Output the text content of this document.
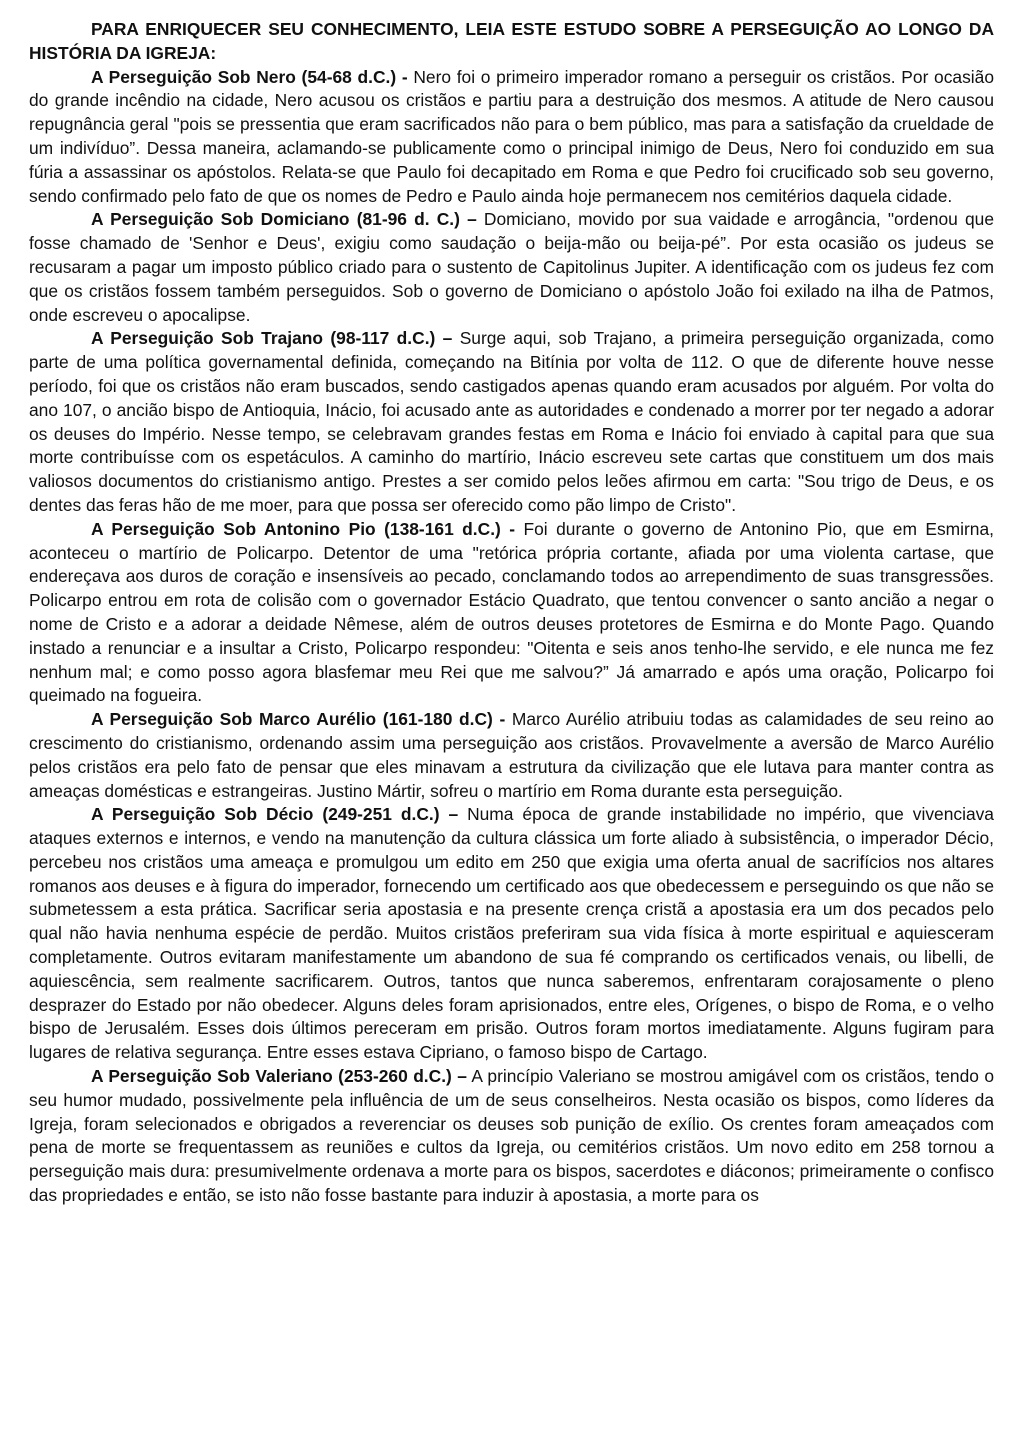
PARA ENRIQUECER SEU CONHECIMENTO, LEIA ESTE ESTUDO SOBRE A PERSEGUIÇÃO AO LONGO DA HISTÓRIA DA IGREJA:

A Perseguição Sob Nero (54-68 d.C.) - Nero foi o primeiro imperador romano a perseguir os cristãos. Por ocasião do grande incêndio na cidade, Nero acusou os cristãos e partiu para a destruição dos mesmos. A atitude de Nero causou repugnância geral "pois se pressentia que eram sacrificados não para o bem público, mas para a satisfação da crueldade de um indivíduo”. Dessa maneira, aclamando-se publicamente como o principal inimigo de Deus, Nero foi conduzido em sua fúria a assassinar os apóstolos. Relata-se que Paulo foi decapitado em Roma e que Pedro foi crucificado sob seu governo, sendo confirmado pelo fato de que os nomes de Pedro e Paulo ainda hoje permanecem nos cemitérios daquela cidade.

A Perseguição Sob Domiciano (81-96 d. C.) – Domiciano, movido por sua vaidade e arrogância, "ordenou que fosse chamado de 'Senhor e Deus', exigiu como saudação o beija-mão ou beija-pé”. Por esta ocasião os judeus se recusaram a pagar um imposto público criado para o sustento de Capitolinus Jupiter. A identificação com os judeus fez com que os cristãos fossem também perseguidos. Sob o governo de Domiciano o apóstolo João foi exilado na ilha de Patmos, onde escreveu o apocalipse.

A Perseguição Sob Trajano (98-117 d.C.) – Surge aqui, sob Trajano, a primeira perseguição organizada, como parte de uma política governamental definida, começando na Bitínia por volta de 112. O que de diferente houve nesse período, foi que os cristãos não eram buscados, sendo castigados apenas quando eram acusados por alguém. Por volta do ano 107, o ancião bispo de Antioquia, Inácio, foi acusado ante as autoridades e condenado a morrer por ter negado a adorar os deuses do Império. Nesse tempo, se celebravam grandes festas em Roma e Inácio foi enviado à capital para que sua morte contribuísse com os espetáculos. A caminho do martírio, Inácio escreveu sete cartas que constituem um dos mais valiosos documentos do cristianismo antigo. Prestes a ser comido pelos leões afirmou em carta: "Sou trigo de Deus, e os dentes das feras hão de me moer, para que possa ser oferecido como pão limpo de Cristo".

A Perseguição Sob Antonino Pio (138-161 d.C.) - Foi durante o governo de Antonino Pio, que em Esmirna, aconteceu o martírio de Policarpo. Detentor de uma "retórica própria cortante, afiada por uma violenta cartase, que endereçava aos duros de coração e insensíveis ao pecado, conclamando todos ao arrependimento de suas transgressões. Policarpo entrou em rota de colisão com o governador Estácio Quadrato, que tentou convencer o santo ancião a negar o nome de Cristo e a adorar a deidade Nêmese, além de outros deuses protetores de Esmirna e do Monte Pago. Quando instado a renunciar e a insultar a Cristo, Policarpo respondeu: "Oitenta e seis anos tenho-lhe servido, e ele nunca me fez nenhum mal; e como posso agora blasfemar meu Rei que me salvou?” Já amarrado e após uma oração, Policarpo foi queimado na fogueira.

A Perseguição Sob Marco Aurélio (161-180 d.C) - Marco Aurélio atribuiu todas as calamidades de seu reino ao crescimento do cristianismo, ordenando assim uma perseguição aos cristãos. Provavelmente a aversão de Marco Aurélio pelos cristãos era pelo fato de pensar que eles minavam a estrutura da civilização que ele lutava para manter contra as ameaças domésticas e estrangeiras. Justino Mártir, sofreu o martírio em Roma durante esta perseguição.

A Perseguição Sob Décio (249-251 d.C.) – Numa época de grande instabilidade no império, que vivenciava ataques externos e internos, e vendo na manutenção da cultura clássica um forte aliado à subsistência, o imperador Décio, percebeu nos cristãos uma ameaça e promulgou um edito em 250 que exigia uma oferta anual de sacrifícios nos altares romanos aos deuses e à figura do imperador, fornecendo um certificado aos que obedecessem e perseguindo os que não se submetessem a esta prática. Sacrificar seria apostasia e na presente crença cristã a apostasia era um dos pecados pelo qual não havia nenhuma espécie de perdão. Muitos cristãos preferiram sua vida física à morte espiritual e aquiesceram completamente. Outros evitaram manifestamente um abandono de sua fé comprando os certificados venais, ou libelli, de aquiescência, sem realmente sacrificarem. Outros, tantos que nunca saberemos, enfrentaram corajosamente o pleno desprazer do Estado por não obedecer. Alguns deles foram aprisionados, entre eles, Orígenes, o bispo de Roma, e o velho bispo de Jerusalém. Esses dois últimos pereceram em prisão. Outros foram mortos imediatamente. Alguns fugiram para lugares de relativa segurança. Entre esses estava Cipriano, o famoso bispo de Cartago.

A Perseguição Sob Valeriano (253-260 d.C.) – A princípio Valeriano se mostrou amigável com os cristãos, tendo o seu humor mudado, possivelmente pela influência de um de seus conselheiros. Nesta ocasião os bispos, como líderes da Igreja, foram selecionados e obrigados a reverenciar os deuses sob punição de exílio. Os crentes foram ameaçados com pena de morte se frequentassem as reuniões e cultos da Igreja, ou cemitérios cristãos. Um novo edito em 258 tornou a perseguição mais dura: presumivelmente ordenava a morte para os bispos, sacerdotes e diáconos; primeiramente o confisco das propriedades e então, se isto não fosse bastante para induzir à apostasia, a morte para os
